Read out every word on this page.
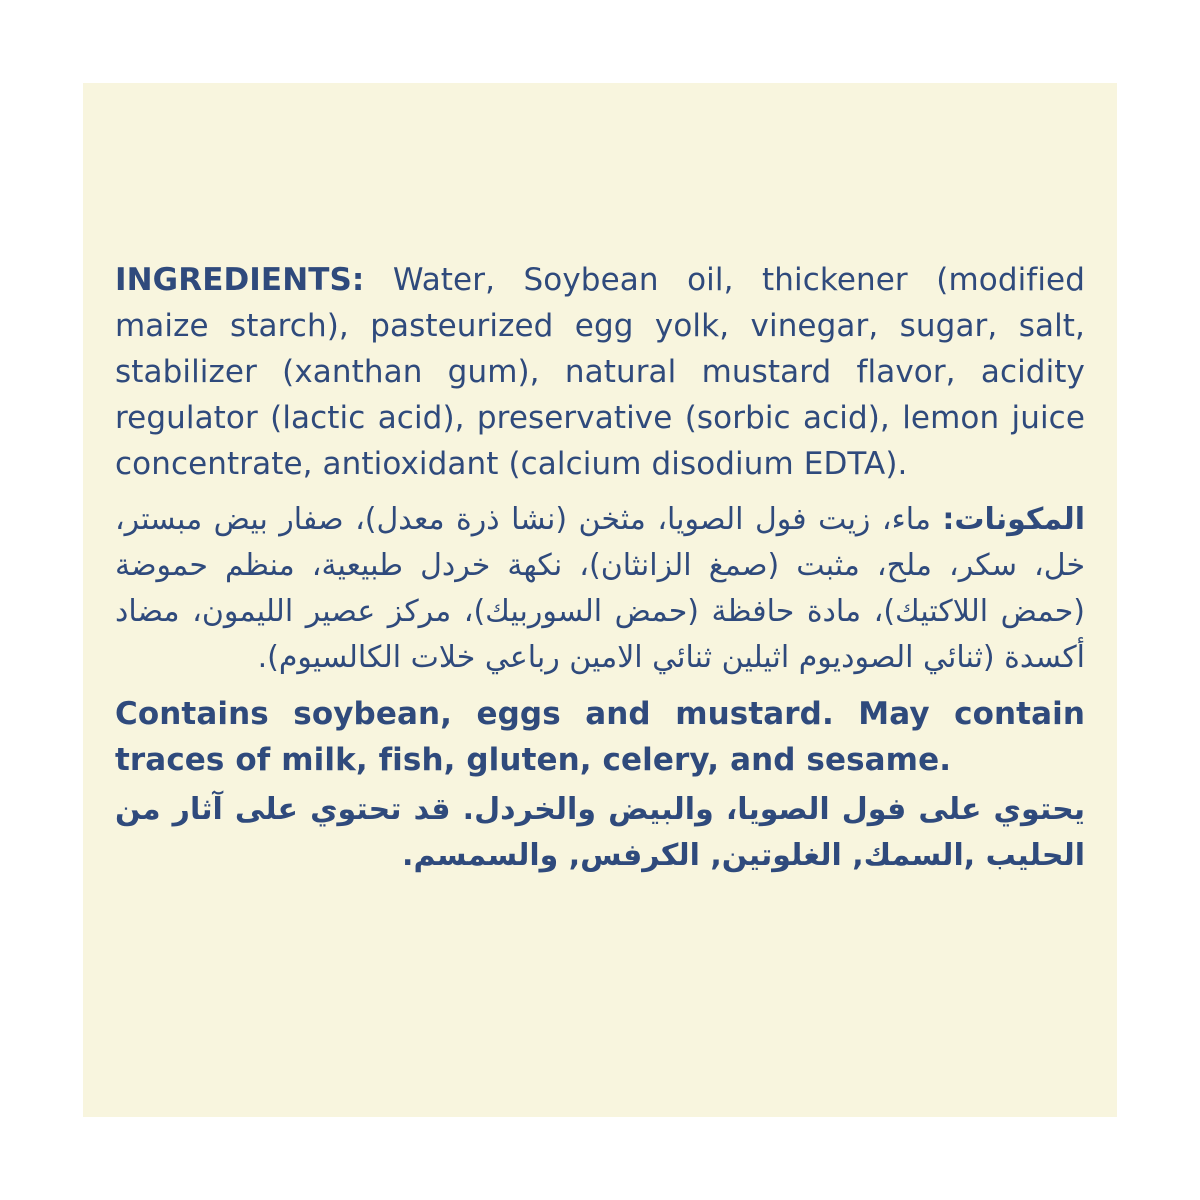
INGREDIENTS: Water, Soybean oil, thickener (modified maize starch), pasteurized egg yolk, vinegar, sugar, salt, stabilizer (xanthan gum), natural mustard flavor, acidity regulator (lactic acid), preservative (sorbic acid), lemon juice concentrate, antioxidant (calcium disodium EDTA).

المكونات: ماء، زيت فول الصويا، مثخن (نشا ذرة معدل)، صفار بيض مبستر، خل، سكر، ملح، مثبت (صمغ الزانثان)، نكهة خردل طبيعية، منظم حموضة (حمض اللاكتيك)، مادة حافظة (حمض السوربيك)، مركز عصير الليمون، مضاد أكسدة (ثنائي الصوديوم اثيلين ثنائي الامين رباعي خلات الكالسيوم).

Contains soybean, eggs and mustard. May contain traces of milk, fish, gluten, celery, and sesame.

يحتوي على فول الصويا، والبيض والخردل. قد تحتوي على آثار من الحليب ,السمك, الغلوتين, الكرفس, والسمسم.
